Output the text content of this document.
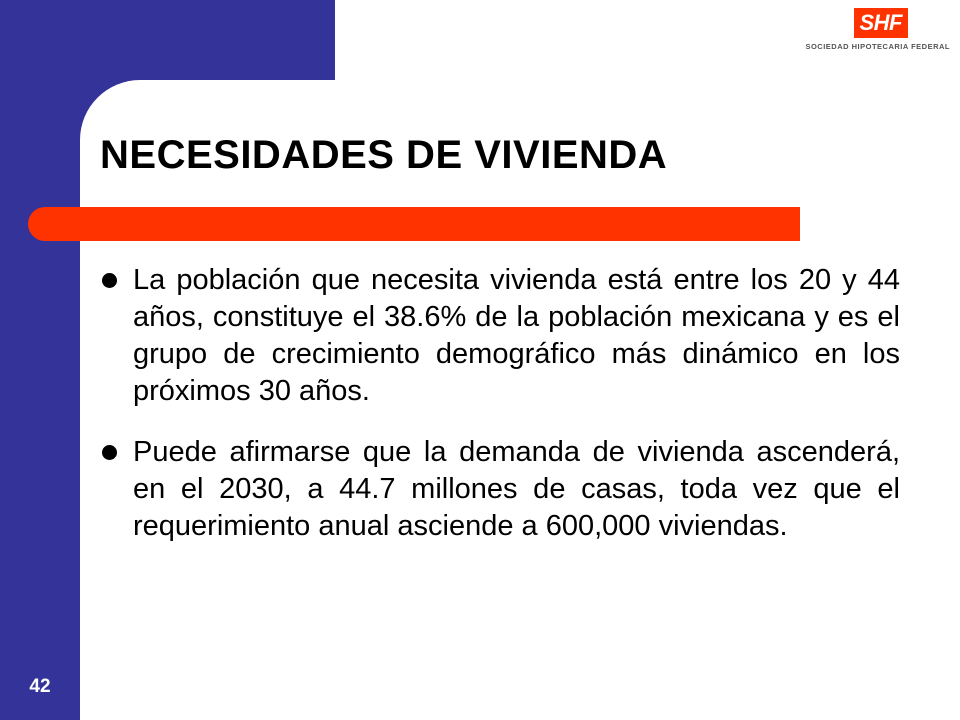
SHF
SOCIEDAD HIPOTECARIA FEDERAL
NECESIDADES DE VIVIENDA
La población que necesita vivienda está entre los 20 y 44 años, constituye el 38.6% de la población mexicana y es el grupo de crecimiento demográfico más dinámico en los próximos 30 años.
Puede afirmarse que la demanda de vivienda ascenderá, en el 2030, a 44.7 millones de casas, toda vez que el requerimiento anual asciende a 600,000 viviendas.
42
